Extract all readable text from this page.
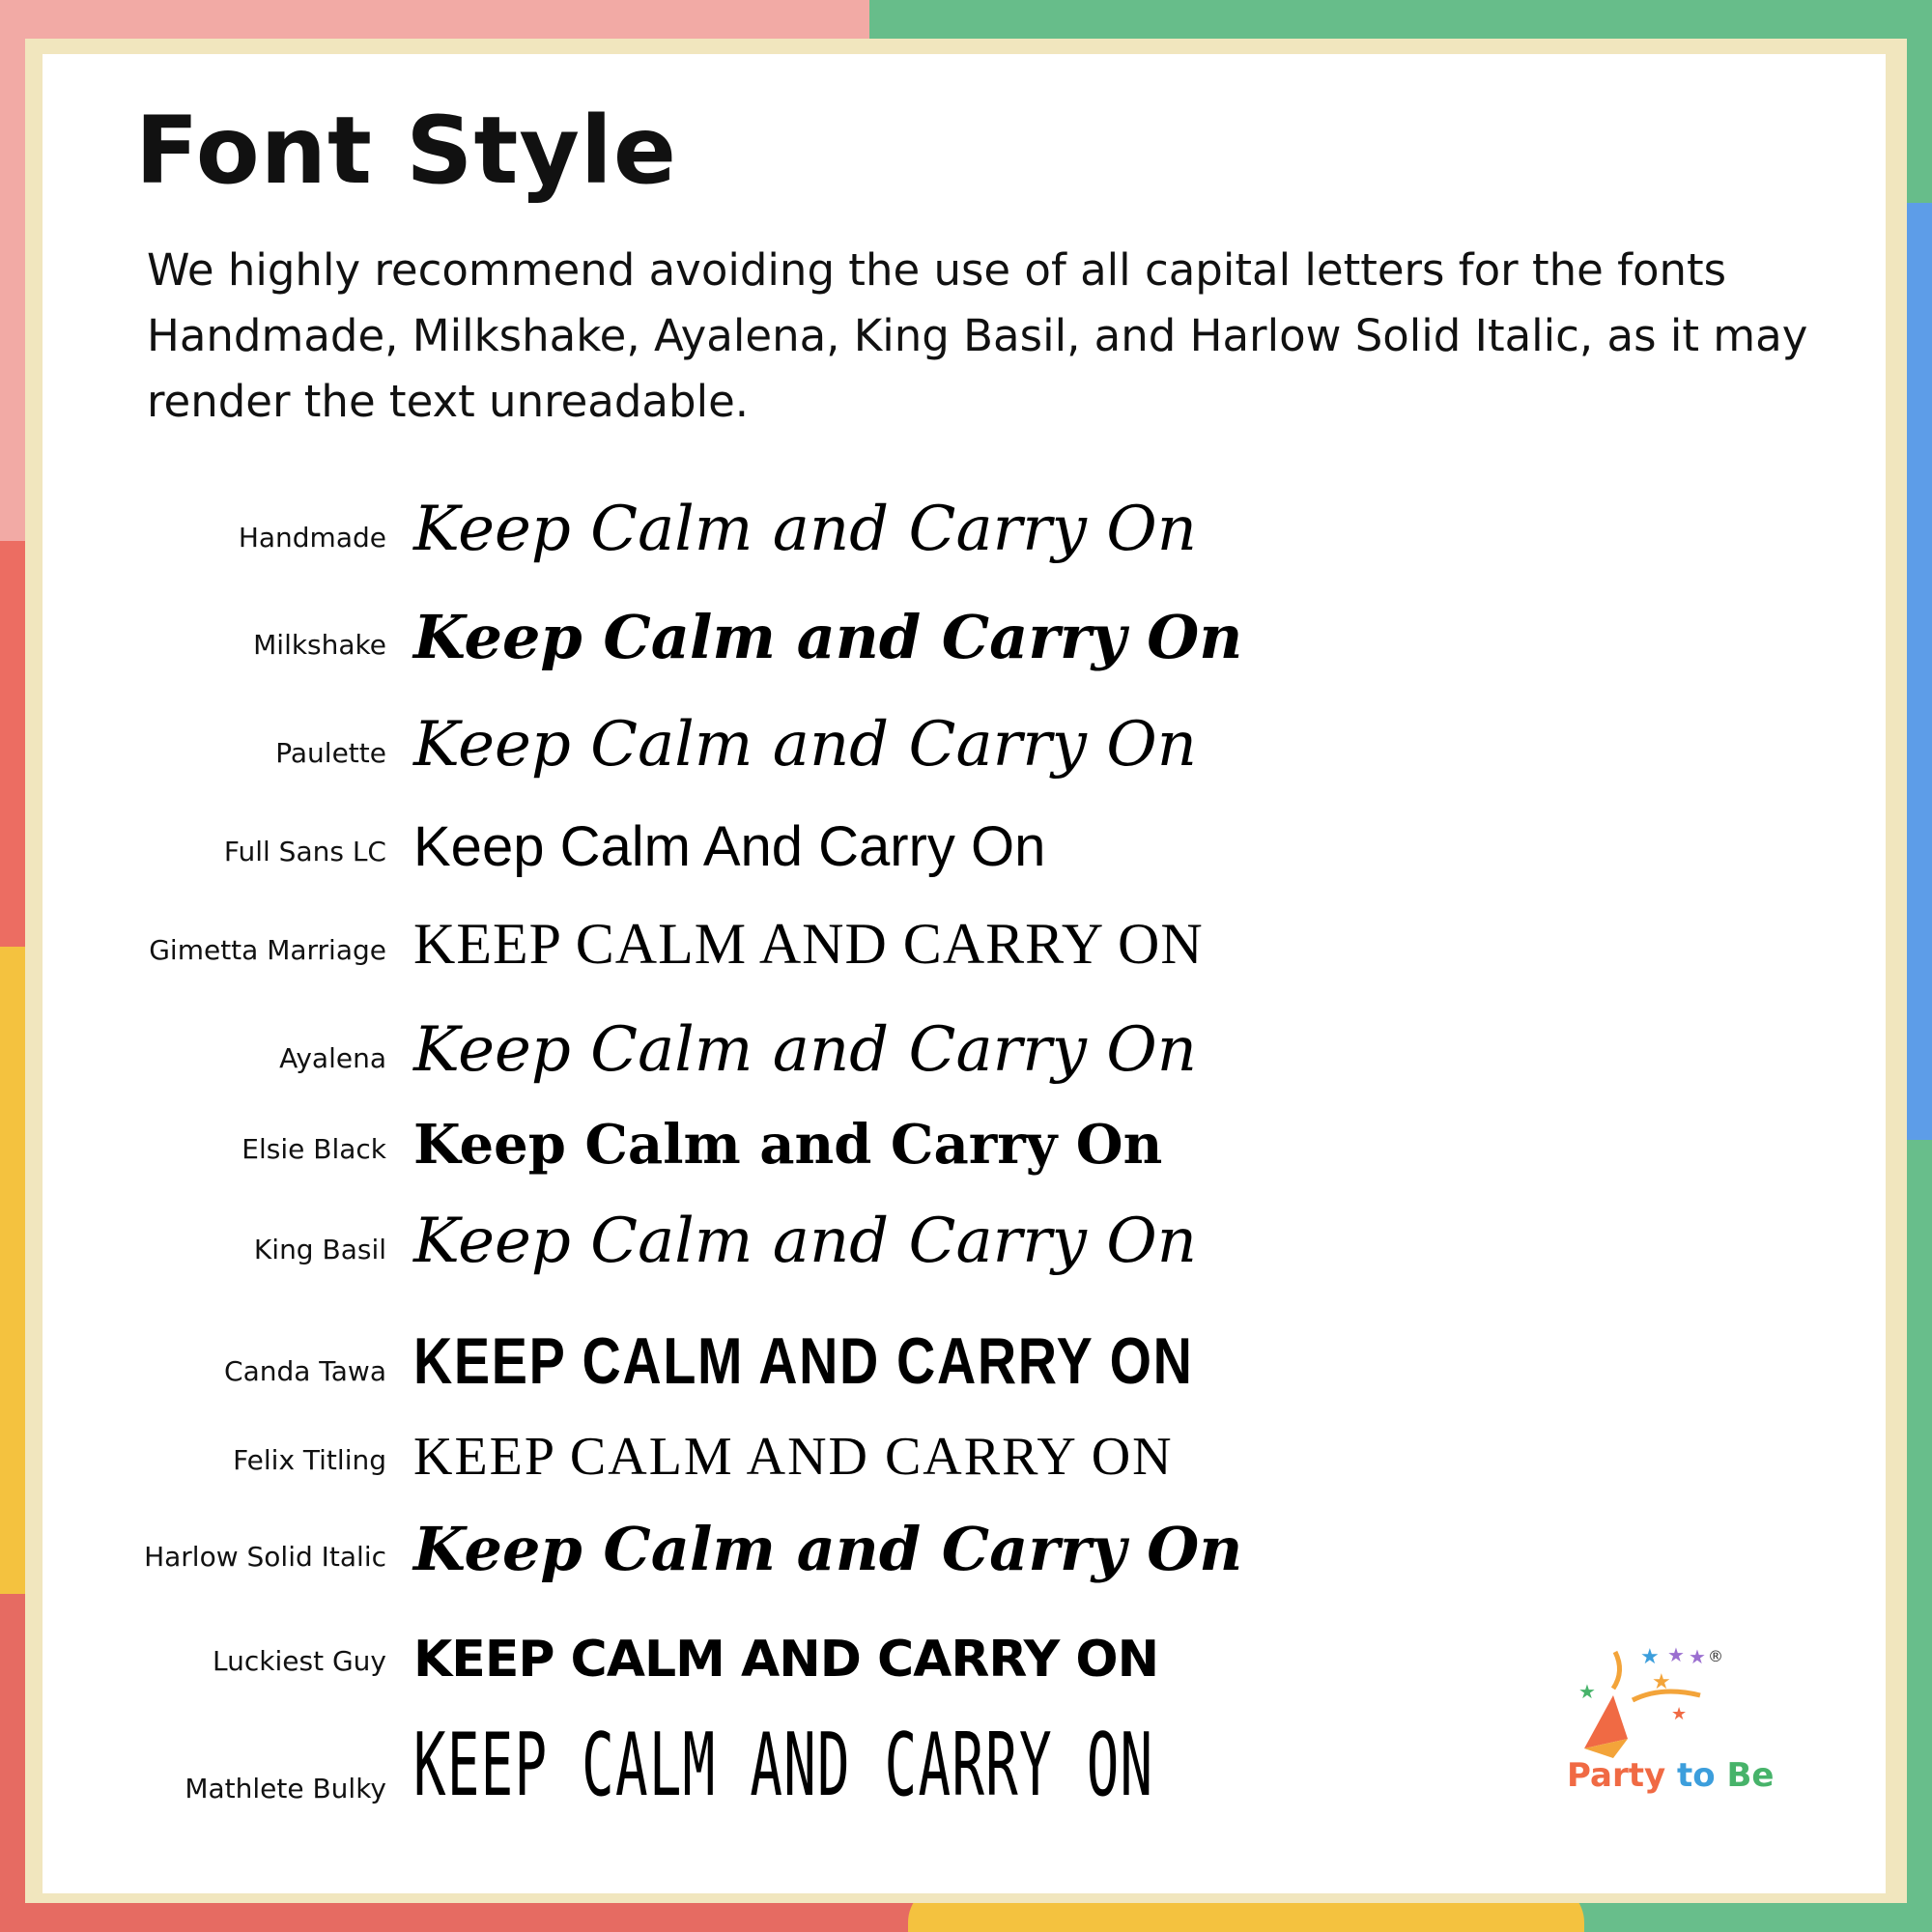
Font Style

We highly recommend avoiding the use of all capital letters for the fonts Handmade, Milkshake, Ayalena, King Basil, and Harlow Solid Italic, as it may render the text unreadable.

Handmade Keep Calm and Carry On
Milkshake Keep Calm and Carry On
Paulette Keep Calm and Carry On
Full Sans LC Keep Calm And Carry On
Gimetta Marriage KEEP CALM AND CARRY ON
Ayalena Keep Calm and Carry On
Elsie Black Keep Calm and Carry On
King Basil Keep Calm and Carry On
Canda Tawa KEEP CALM AND CARRY ON
Felix Titling KEEP CALM AND CARRY ON
Harlow Solid Italic Keep Calm and Carry On
Luckiest Guy KEEP CALM AND CARRY ON
Mathlete Bulky KEEP CALM AND CARRY ON
★ ★ ★
★
★
★
®
Party to Be
